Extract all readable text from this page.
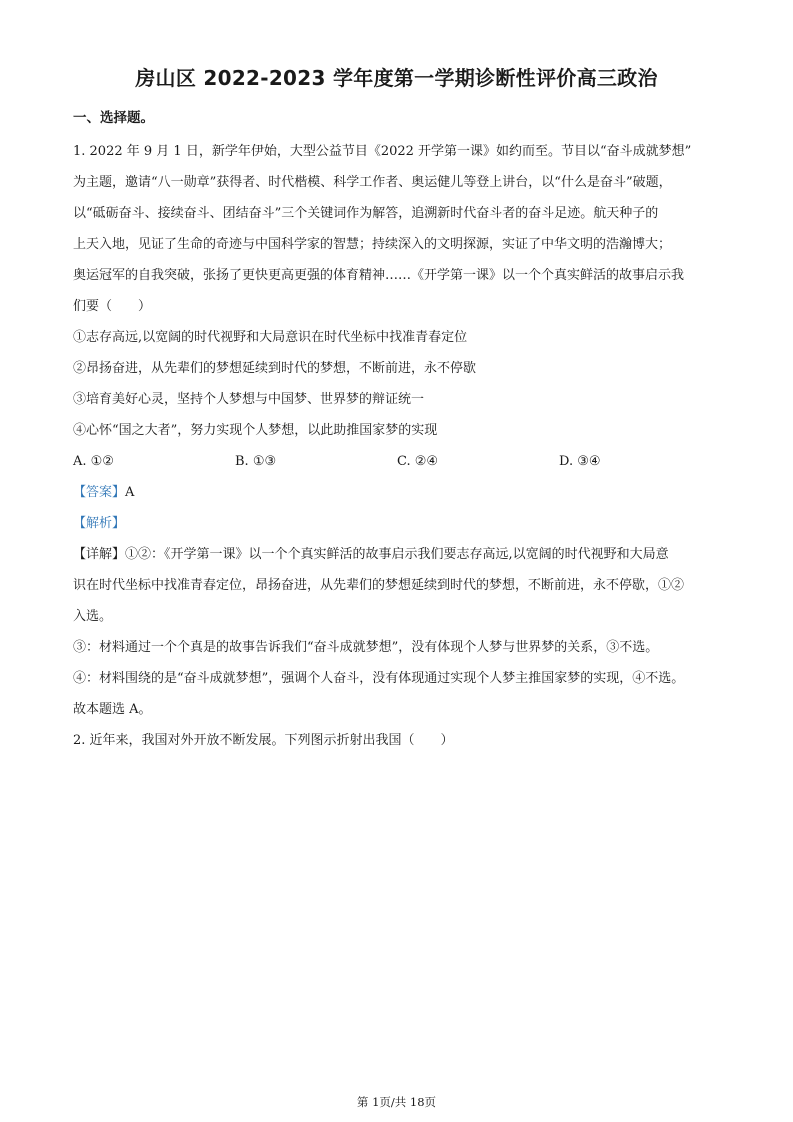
房山区 2022-2023 学年度第一学期诊断性评价高三政治
一、选择题。
1. 2022 年 9 月 1 日，新学年伊始，大型公益节目《2022 开学第一课》如约而至。节目以“奋斗成就梦想”
为主题，邀请“八一勋章”获得者、时代楷模、科学工作者、奥运健儿等登上讲台，以“什么是奋斗”破题，
以“砥砺奋斗、接续奋斗、团结奋斗”三个关键词作为解答，追溯新时代奋斗者的奋斗足迹。航天种子的
上天入地，见证了生命的奇迹与中国科学家的智慧；持续深入的文明探源，实证了中华文明的浩瀚博大；
奥运冠军的自我突破，张扬了更快更高更强的体育精神……《开学第一课》以一个个真实鲜活的故事启示我
们要（　　）
①志存高远,以宽阔的时代视野和大局意识在时代坐标中找准青春定位
②昂扬奋进，从先辈们的梦想延续到时代的梦想，不断前进，永不停歇
③培育美好心灵，坚持个人梦想与中国梦、世界梦的辩证统一
④心怀“国之大者”，努力实现个人梦想，以此助推国家梦的实现
A. ①②	B. ①③	C. ②④	D. ③④
【答案】A
【解析】
【详解】①②：《开学第一课》以一个个真实鲜活的故事启示我们要志存高远,以宽阔的时代视野和大局意
识在时代坐标中找准青春定位，昂扬奋进，从先辈们的梦想延续到时代的梦想，不断前进，永不停歇，①②
入选。
③：材料通过一个个真是的故事告诉我们“奋斗成就梦想”，没有体现个人梦与世界梦的关系，③不选。
④：材料围绕的是“奋斗成就梦想”，强调个人奋斗，没有体现通过实现个人梦主推国家梦的实现，④不选。
故本题选 A。
2. 近年来，我国对外开放不断发展。下列图示折射出我国（　　）
第 1页/共 18页
